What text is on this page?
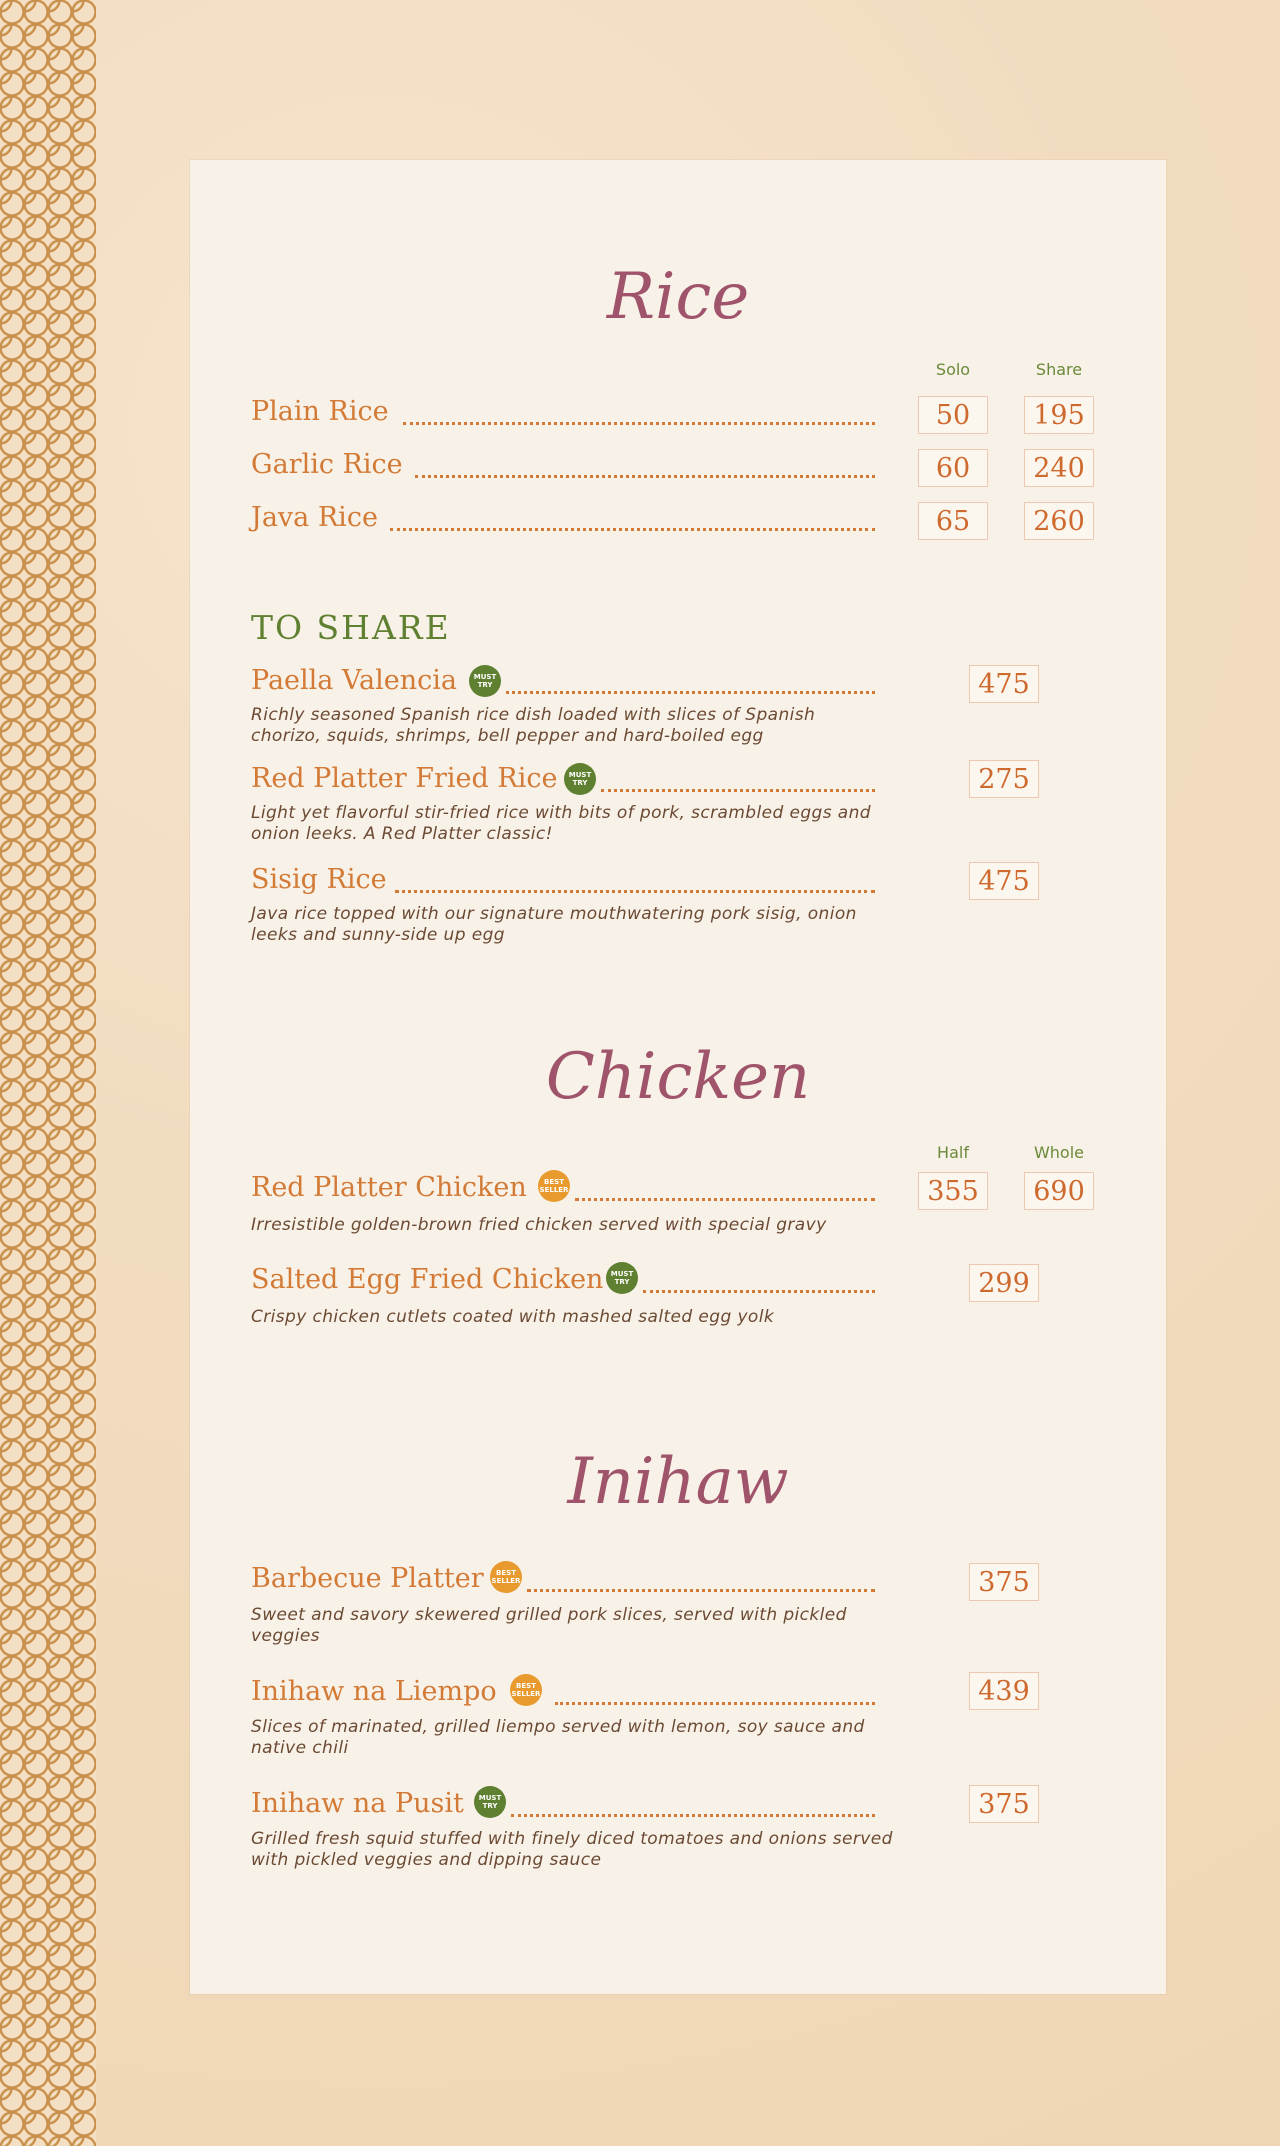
Rice
Solo	Share
Plain Rice	50	195
Garlic Rice	60	240
Java Rice	65	260
TO SHARE
Paella Valencia	MUST TRY	475
Richly seasoned Spanish rice dish loaded with slices of Spanish chorizo, squids, shrimps, bell pepper and hard-boiled egg
Red Platter Fried Rice	MUST TRY	275
Light yet flavorful stir-fried rice with bits of pork, scrambled eggs and onion leeks. A Red Platter classic!
Sisig Rice	475
Java rice topped with our signature mouthwatering pork sisig, onion leeks and sunny-side up egg
Chicken
Half	Whole
Red Platter Chicken	BEST SELLER	355	690
Irresistible golden-brown fried chicken served with special gravy
Salted Egg Fried Chicken	MUST TRY	299
Crispy chicken cutlets coated with mashed salted egg yolk
Inihaw
Barbecue Platter	BEST SELLER	375
Sweet and savory skewered grilled pork slices, served with pickled veggies
Inihaw na Liempo	BEST SELLER	439
Slices of marinated, grilled liempo served with lemon, soy sauce and native chili
Inihaw na Pusit	MUST TRY	375
Grilled fresh squid stuffed with finely diced tomatoes and onions served with pickled veggies and dipping sauce
